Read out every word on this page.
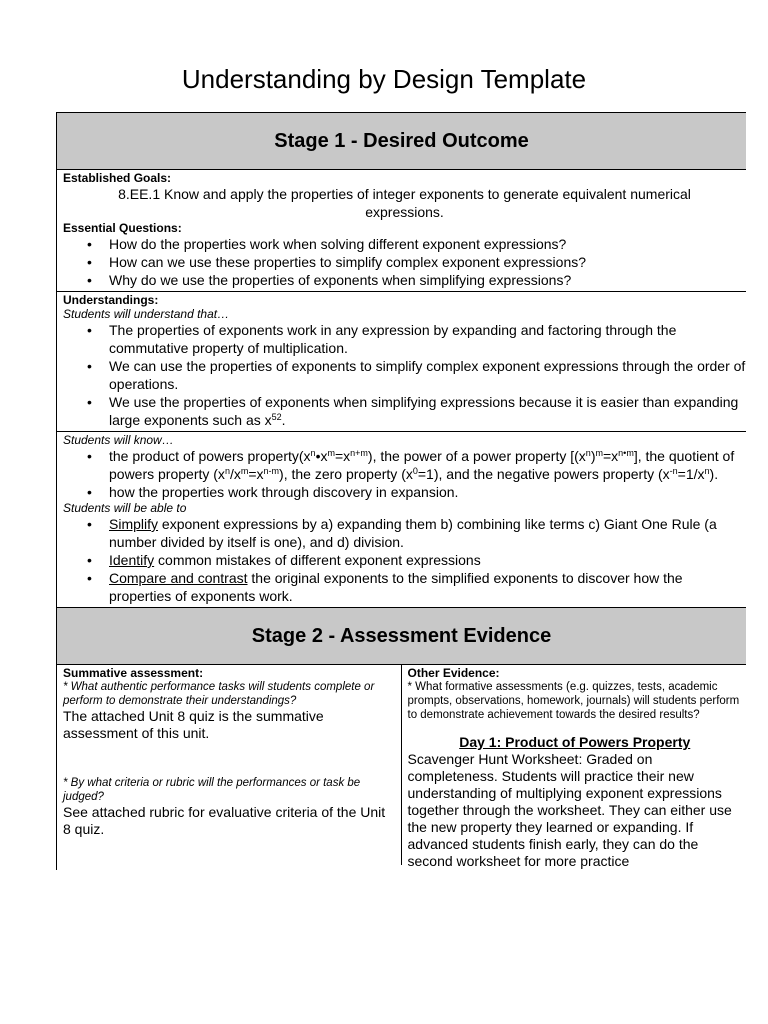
Understanding by Design Template
Stage 1 - Desired Outcome
Established Goals:
8.EE.1 Know and apply the properties of integer exponents to generate equivalent numerical expressions.
Essential Questions:
• How do the properties work when solving different exponent expressions?
• How can we use these properties to simplify complex exponent expressions?
• Why do we use the properties of exponents when simplifying expressions?
Understandings:
Students will understand that…
• The properties of exponents work in any expression by expanding and factoring through the commutative property of multiplication.
• We can use the properties of exponents to simplify complex exponent expressions through the order of operations.
• We use the properties of exponents when simplifying expressions because it is easier than expanding large exponents such as $x^{52}$.
Students will know…
• the product of powers $property(x^n•x^m=x^{n+m})$, the power of a power property $[(x^n)^m=x^{n•m}]$, the quotient of powers property $(x^n/x^m=x^{n-m})$, the zero property $(x^0=1)$, and the negative powers property $(x^{-n}=1/x^n)$.
• how the properties work through discovery in expansion.
Students will be able to
• Simplify exponent expressions by a) expanding them b) combining like terms c) Giant One Rule (a number divided by itself is one), and d) division.
• Identify common mistakes of different exponent expressions
• Compare and contrast the original exponents to the simplified exponents to discover how the properties of exponents work.
Stage 2 - Assessment Evidence
Summative assessment:
* What authentic performance tasks will students complete or perform to demonstrate their understandings?
The attached Unit 8 quiz is the summative assessment of this unit.
* By what criteria or rubric will the performances or task be judged?
See attached rubric for evaluative criteria of the Unit 8 quiz.
Other Evidence:
* What formative assessments (e.g. quizzes, tests, academic prompts, observations, homework, journals) will students perform to demonstrate achievement towards the desired results?
Day 1: Product of Powers Property
Scavenger Hunt Worksheet: Graded on completeness. Students will practice their new understanding of multiplying exponent expressions together through the worksheet. They can either use the new property they learned or expanding. If advanced students finish early, they can do the second worksheet for more practice
